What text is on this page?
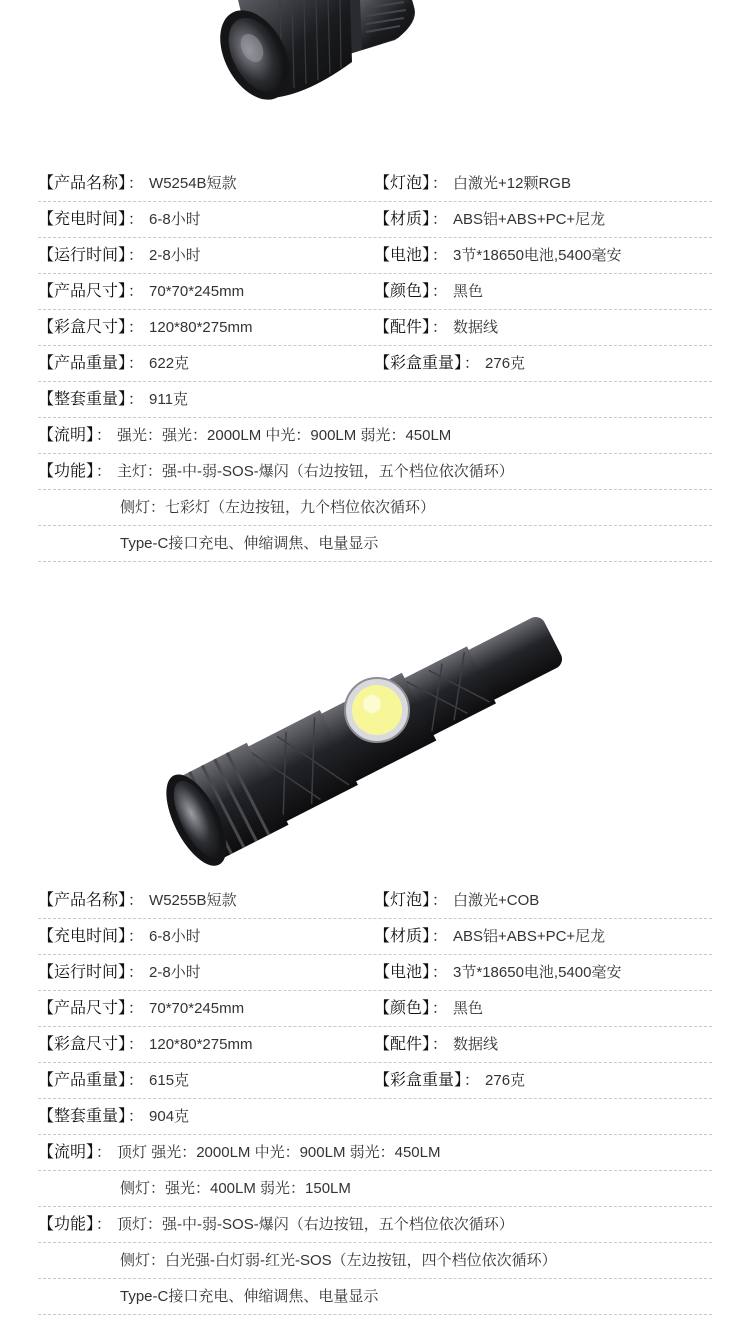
【产品名称】 ： W5254B短款	【灯泡】 ： 白激光+12颗RGB
【充电时间】 ： 6-8小时	【材质】 ： ABS铝+ABS+PC+尼龙
【运行时间】 ： 2-8小时	【电池】 ： 3节*18650电池,5400毫安
【产品尺寸】 ： 70*70*245mm	【颜色】 ： 黑色
【彩盒尺寸】 ： 120*80*275mm	【配件】 ： 数据线
【产品重量】 ： 622克	【彩盒重量】 ： 276克
【整套重量】 ： 911克
【流明】 ： 强光：强光：2000LM 中光：900LM 弱光：450LM
【功能】 ： 主灯：强-中-弱-SOS-爆闪（右边按钮，五个档位依次循环）
侧灯：七彩灯（左边按钮，九个档位依次循环）
Type-C接口充电、伸缩调焦、电量显示
【产品名称】 ： W5255B短款	【灯泡】 ： 白激光+COB
【充电时间】 ： 6-8小时	【材质】 ： ABS铝+ABS+PC+尼龙
【运行时间】 ： 2-8小时	【电池】 ： 3节*18650电池,5400毫安
【产品尺寸】 ： 70*70*245mm	【颜色】 ： 黑色
【彩盒尺寸】 ： 120*80*275mm	【配件】 ： 数据线
【产品重量】 ： 615克	【彩盒重量】 ： 276克
【整套重量】 ： 904克
【流明】 ： 顶灯 强光：2000LM 中光：900LM 弱光：450LM
侧灯：强光：400LM 弱光：150LM
【功能】 ： 顶灯：强-中-弱-SOS-爆闪（右边按钮，五个档位依次循环）
侧灯：白光强-白灯弱-红光-SOS（左边按钮，四个档位依次循环）
Type-C接口充电、伸缩调焦、电量显示
